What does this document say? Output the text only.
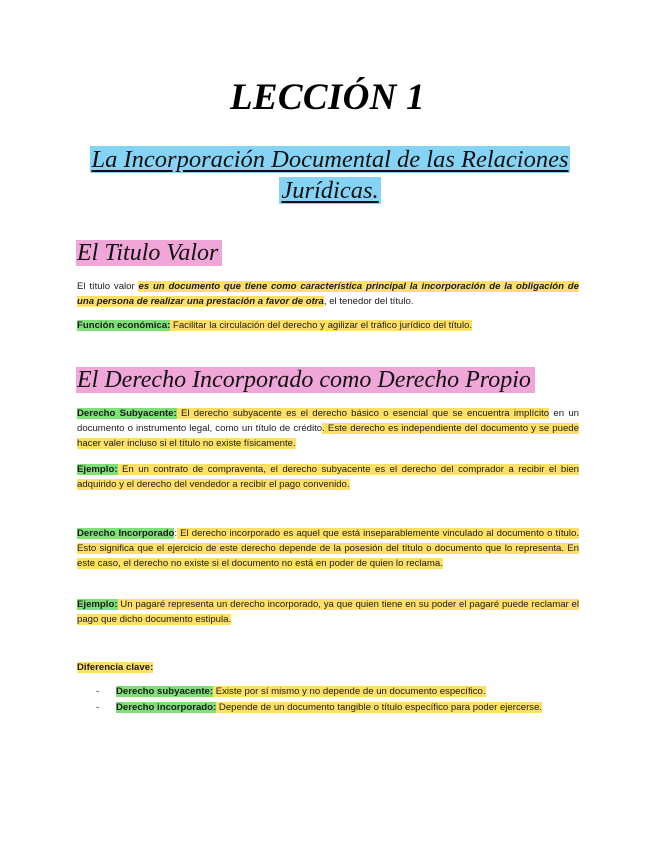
LECCIÓN 1
La Incorporación Documental de las Relaciones Jurídicas.
El Titulo Valor
El título valor es un documento que tiene como característica principal la incorporación de la obligación de una persona de realizar una prestación a favor de otra, el tenedor del título.
Función económica: Facilitar la circulación del derecho y agilizar el tráfico jurídico del título.
El Derecho Incorporado como Derecho Propio
Derecho Subyacente: El derecho subyacente es el derecho básico o esencial que se encuentra implícito en un documento o instrumento legal, como un título de crédito. Este derecho es independiente del documento y se puede hacer valer incluso si el título no existe físicamente.
Ejemplo: En un contrato de compraventa, el derecho subyacente es el derecho del comprador a recibir el bien adquirido y el derecho del vendedor a recibir el pago convenido.
Derecho Incorporado: El derecho incorporado es aquel que está inseparablemente vinculado al documento o título. Esto significa que el ejercicio de este derecho depende de la posesión del título o documento que lo representa. En este caso, el derecho no existe si el documento no está en poder de quien lo reclama.
Ejemplo: Un pagaré representa un derecho incorporado, ya que quien tiene en su poder el pagaré puede reclamar el pago que dicho documento estipula.
Diferencia clave:
- Derecho subyacente: Existe por sí mismo y no depende de un documento específico.
- Derecho incorporado: Depende de un documento tangible o título específico para poder ejercerse.
